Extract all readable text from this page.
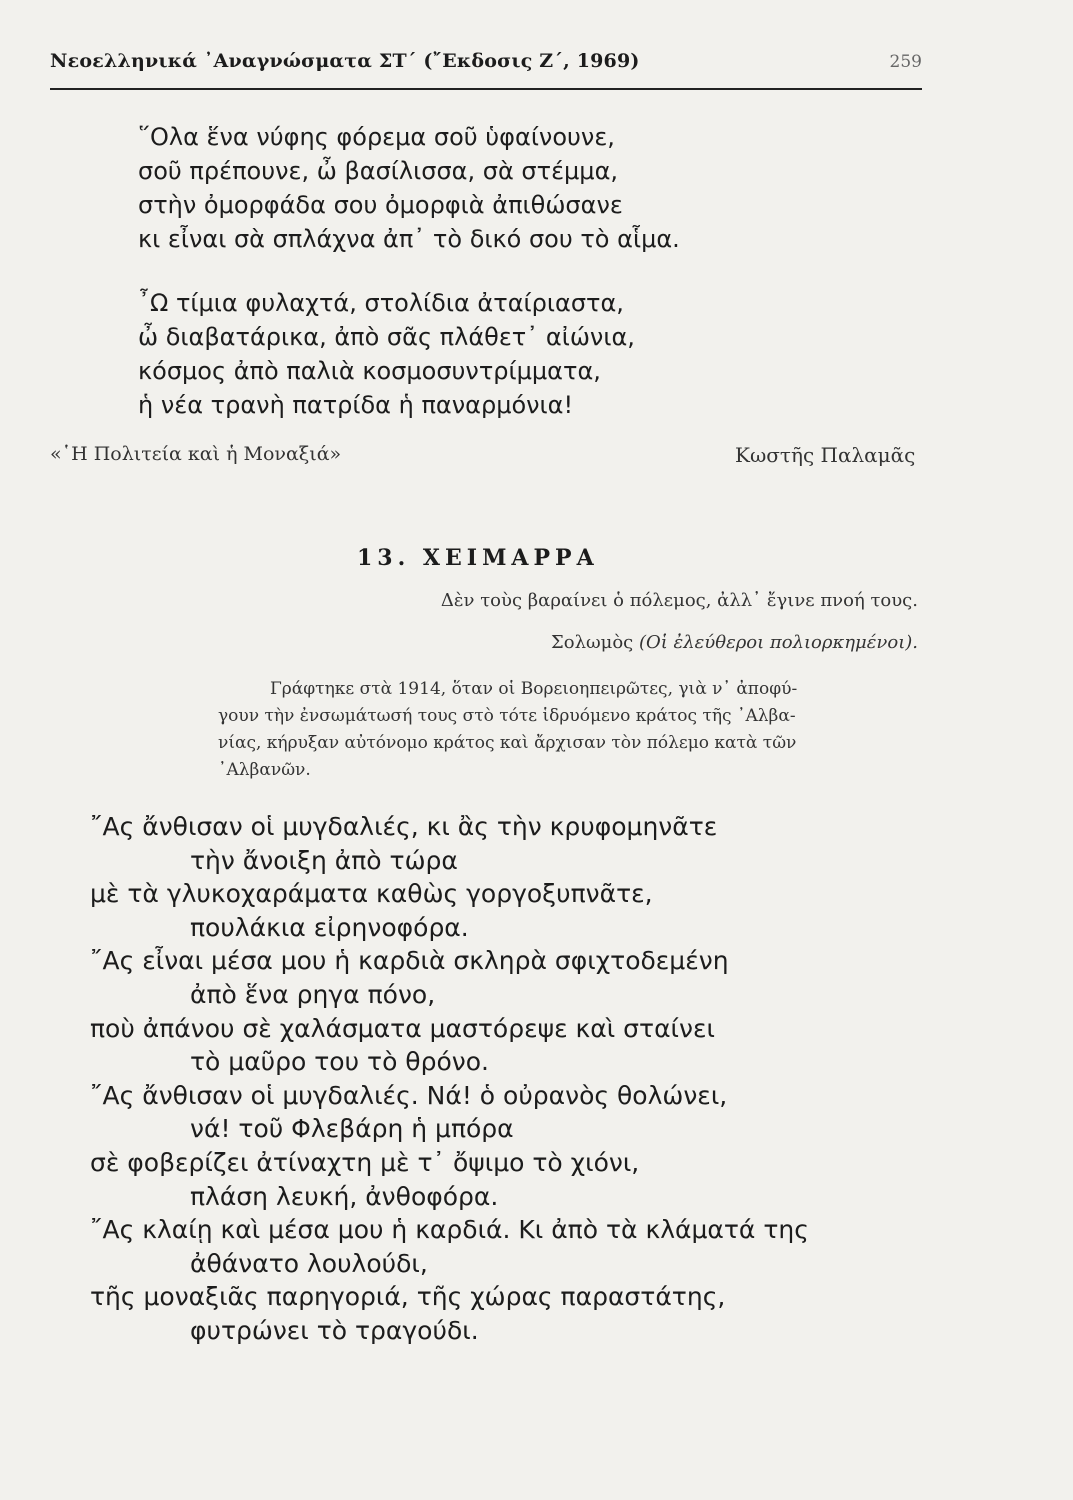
Νεοελληνικά ᾿Αναγνώσματα ΣΤ΄ (῎Εκδοσις Ζ΄, 1969)	259
῞Ολα ἕνα νύφης φόρεμα σοῦ ὑφαίνουνε,
σοῦ πρέπουνε, ὦ βασίλισσα, σὰ στέμμα,
στὴν ὀμορφάδα σου ὀμορφιὰ ἀπιθώσανε
κι εἶναι σὰ σπλάχνα ἀπ᾿ τὸ δικό σου τὸ αἷμα.
῏Ω τίμια φυλαχτά, στολίδια ἀταίριαστα,
ὦ διαβατάρικα, ἀπὸ σᾶς πλάθετ᾿ αἰώνια,
κόσμος ἀπὸ παλιὰ κοσμοσυντρίμματα,
ἡ νέα τρανὴ πατρίδα ἡ παναρμόνια!
«῾Η Πολιτεία καὶ ἡ Μοναξιά»	Κωστῆς Παλαμᾶς
13. ΧΕΙΜΑΡΡΑ
Δὲν τοὺς βαραίνει ὁ πόλεμος, ἀλλ᾿ ἔγινε πνοή τους.
Σολωμὸς (Οἱ ἐλεύθεροι πολιορκημένοι).
Γράφτηκε στὰ 1914, ὅταν οἱ Βορειοηπειρῶτες, γιὰ ν᾿ ἀποφύ-
γουν τὴν ἐνσωμάτωσή τους στὸ τότε ἱδρυόμενο κράτος τῆς ᾿Αλβα-
νίας, κήρυξαν αὐτόνομο κράτος καὶ ἄρχισαν τὸν πόλεμο κατὰ τῶν
᾿Αλβανῶν.
῎Ας ἄνθισαν οἱ μυγδαλιές, κι ἂς τὴν κρυφομηνᾶτε
τὴν ἄνοιξη ἀπὸ τώρα
μὲ τὰ γλυκοχαράματα καθὼς γοργοξυπνᾶτε,
πουλάκια εἰρηνοφόρα.
῎Ας εἶναι μέσα μου ἡ καρδιὰ σκληρὰ σφιχτοδεμένη
ἀπὸ ἕνα ρηγα πόνο,
ποὺ ἀπάνου σὲ χαλάσματα μαστόρεψε καὶ σταίνει
τὸ μαῦρο του τὸ θρόνο.
῎Ας ἄνθισαν οἱ μυγδαλιές. Νά! ὁ οὐρανὸς θολώνει,
νά! τοῦ Φλεβάρη ἡ μπόρα
σὲ φοβερίζει ἀτίναχτη μὲ τ᾿ ὄψιμο τὸ χιόνι,
πλάση λευκή, ἀνθοφόρα.
῎Ας κλαίῃ καὶ μέσα μου ἡ καρδιά. Κι ἀπὸ τὰ κλάματά της
ἀθάνατο λουλούδι,
τῆς μοναξιᾶς παρηγοριά, τῆς χώρας παραστάτης,
φυτρώνει τὸ τραγούδι.
